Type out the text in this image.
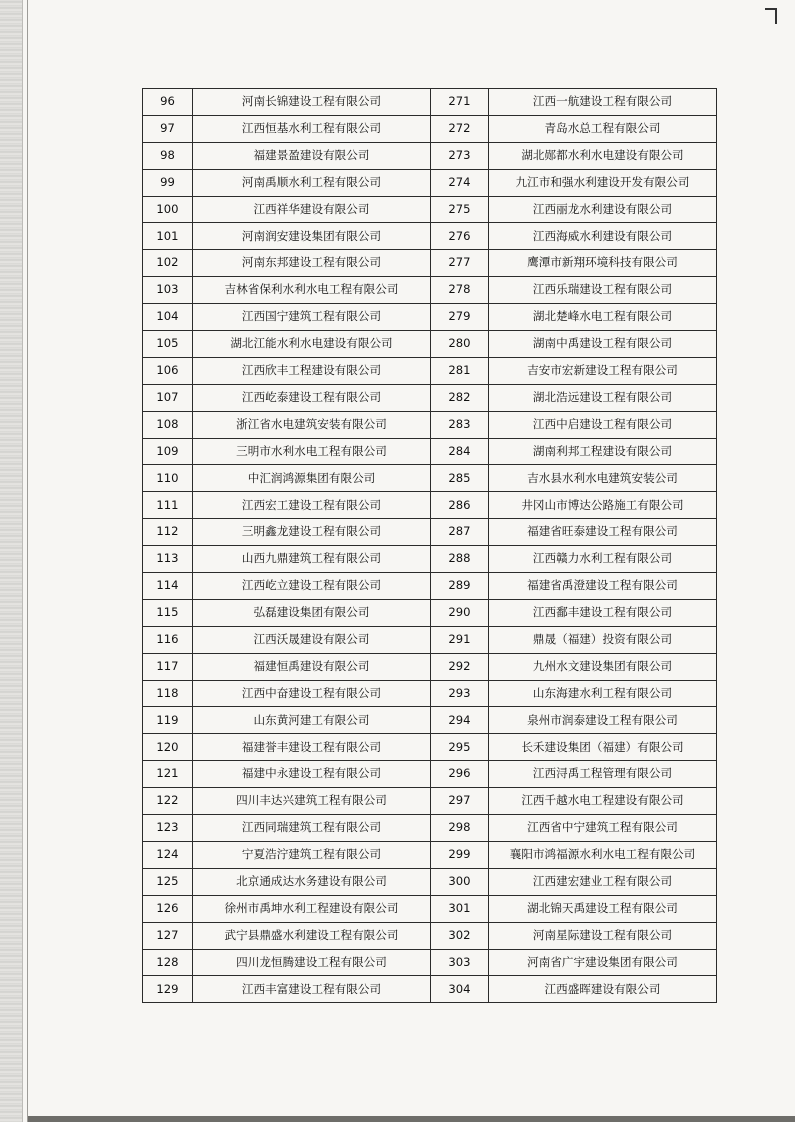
96	河南长锦建设工程有限公司	271	江西一航建设工程有限公司
97	江西恒基水利工程有限公司	272	青岛水总工程有限公司
98	福建景盈建设有限公司	273	湖北郧都水利水电建设有限公司
99	河南禹顺水利工程有限公司	274	九江市和强水利建设开发有限公司
100	江西祥华建设有限公司	275	江西丽龙水利建设有限公司
101	河南润安建设集团有限公司	276	江西海威水利建设有限公司
102	河南东邦建设工程有限公司	277	鹰潭市新翔环境科技有限公司
103	吉林省保利水利水电工程有限公司	278	江西乐瑞建设工程有限公司
104	江西国宁建筑工程有限公司	279	湖北楚峰水电工程有限公司
105	湖北江能水利水电建设有限公司	280	湖南中禹建设工程有限公司
106	江西欣丰工程建设有限公司	281	吉安市宏新建设工程有限公司
107	江西屹泰建设工程有限公司	282	湖北浩远建设工程有限公司
108	浙江省水电建筑安装有限公司	283	江西中启建设工程有限公司
109	三明市水利水电工程有限公司	284	湖南利邦工程建设有限公司
110	中汇润鸿源集团有限公司	285	吉水县水利水电建筑安装公司
111	江西宏工建设工程有限公司	286	井冈山市博达公路施工有限公司
112	三明鑫龙建设工程有限公司	287	福建省旺泰建设工程有限公司
113	山西九鼎建筑工程有限公司	288	江西赣力水利工程有限公司
114	江西屹立建设工程有限公司	289	福建省禹澄建设工程有限公司
115	弘磊建设集团有限公司	290	江西鄱丰建设工程有限公司
116	江西沃晟建设有限公司	291	鼎晟（福建）投资有限公司
117	福建恒禹建设有限公司	292	九州水文建设集团有限公司
118	江西中奋建设工程有限公司	293	山东海建水利工程有限公司
119	山东黄河建工有限公司	294	泉州市润泰建设工程有限公司
120	福建誉丰建设工程有限公司	295	长禾建设集团（福建）有限公司
121	福建中永建设工程有限公司	296	江西浔禹工程管理有限公司
122	四川丰达兴建筑工程有限公司	297	江西千越水电工程建设有限公司
123	江西同瑞建筑工程有限公司	298	江西省中宁建筑工程有限公司
124	宁夏浩泞建筑工程有限公司	299	襄阳市鸿福源水利水电工程有限公司
125	北京通成达水务建设有限公司	300	江西建宏建业工程有限公司
126	徐州市禹坤水利工程建设有限公司	301	湖北锦天禹建设工程有限公司
127	武宁县鼎盛水利建设工程有限公司	302	河南星际建设工程有限公司
128	四川龙恒腾建设工程有限公司	303	河南省广宇建设集团有限公司
129	江西丰富建设工程有限公司	304	江西盛晖建设有限公司
